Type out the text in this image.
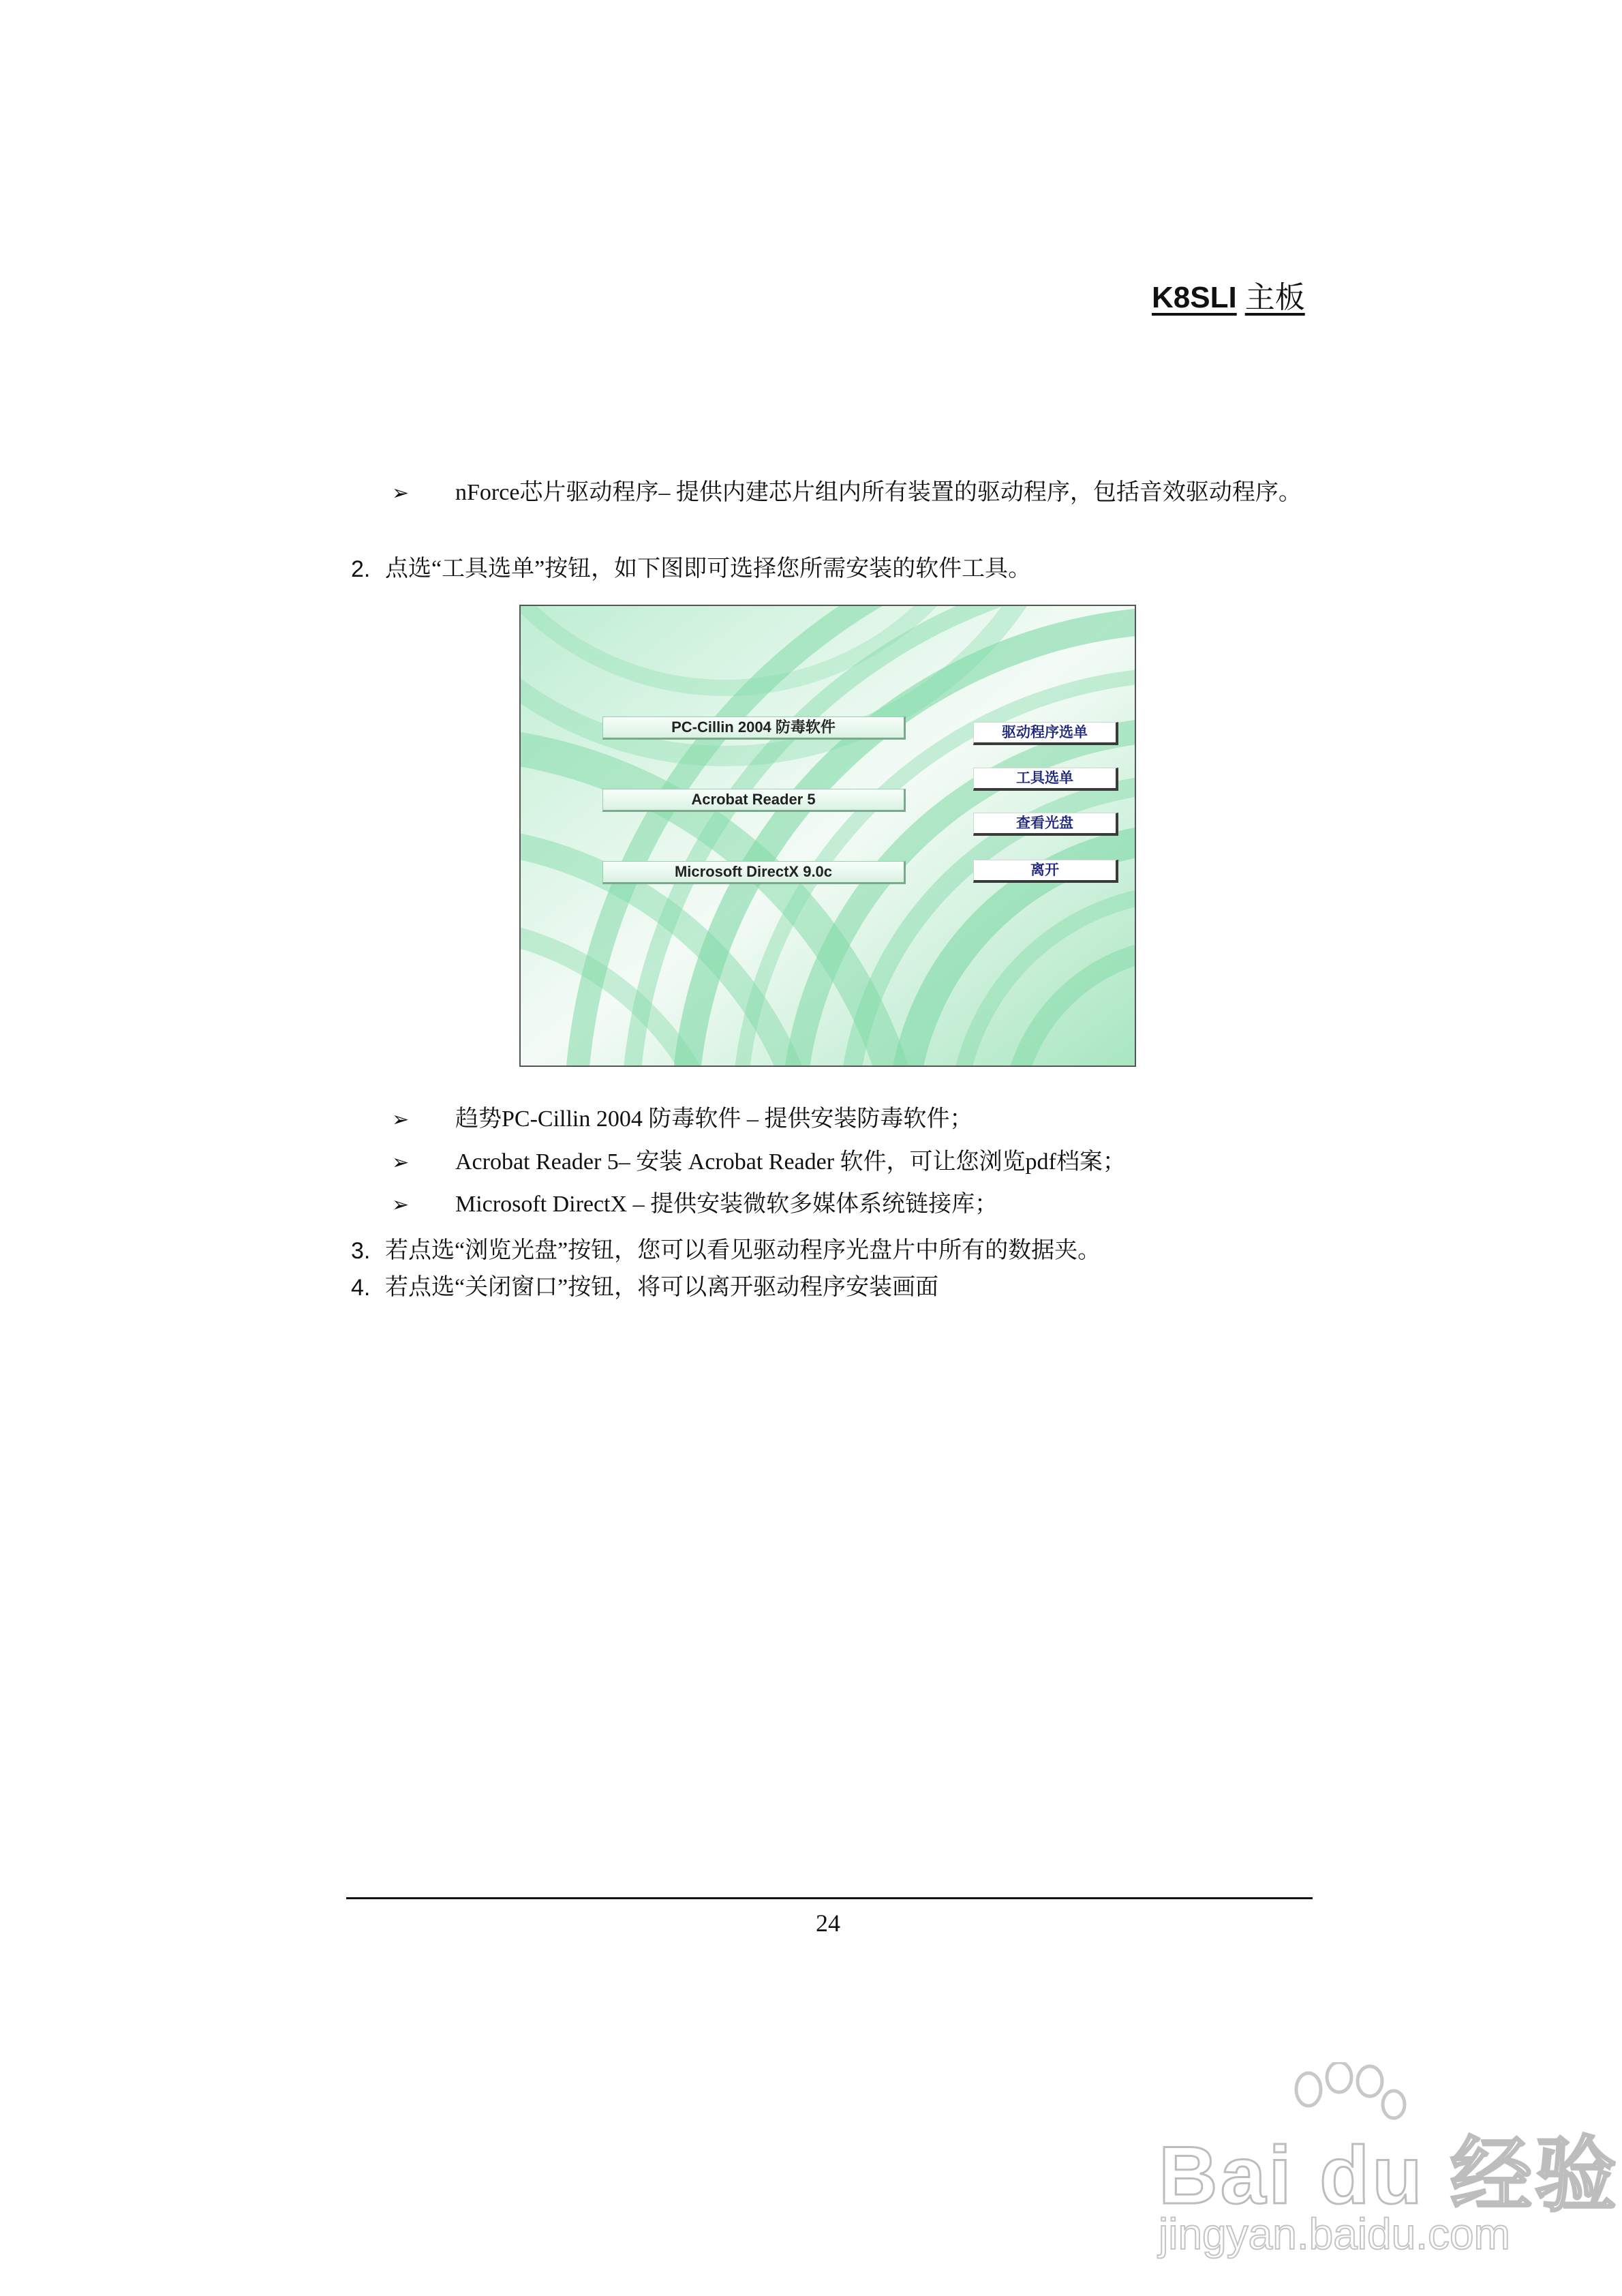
K8SLI 主板
➢ nForce芯片驱动程序– 提供内建芯片组内所有装置的驱动程序，包括音效驱动程序。
2. 点选“工具选单”按钮，如下图即可选择您所需安装的软件工具。
PC-Cillin 2004 防毒软件
Acrobat Reader 5
Microsoft DirectX 9.0c
驱动程序选单
工具选单
查看光盘
离开
➢ 趋势PC-Cillin 2004 防毒软件 – 提供安装防毒软件；
➢ Acrobat Reader 5– 安装 Acrobat Reader 软件，可让您浏览pdf档案；
➢ Microsoft DirectX – 提供安装微软多媒体系统链接库；
3. 若点选“浏览光盘”按钮，您可以看见驱动程序光盘片中所有的数据夹。
4. 若点选“关闭窗口”按钮，将可以离开驱动程序安装画面
24
Bai du 经验
jingyan.baidu.com
